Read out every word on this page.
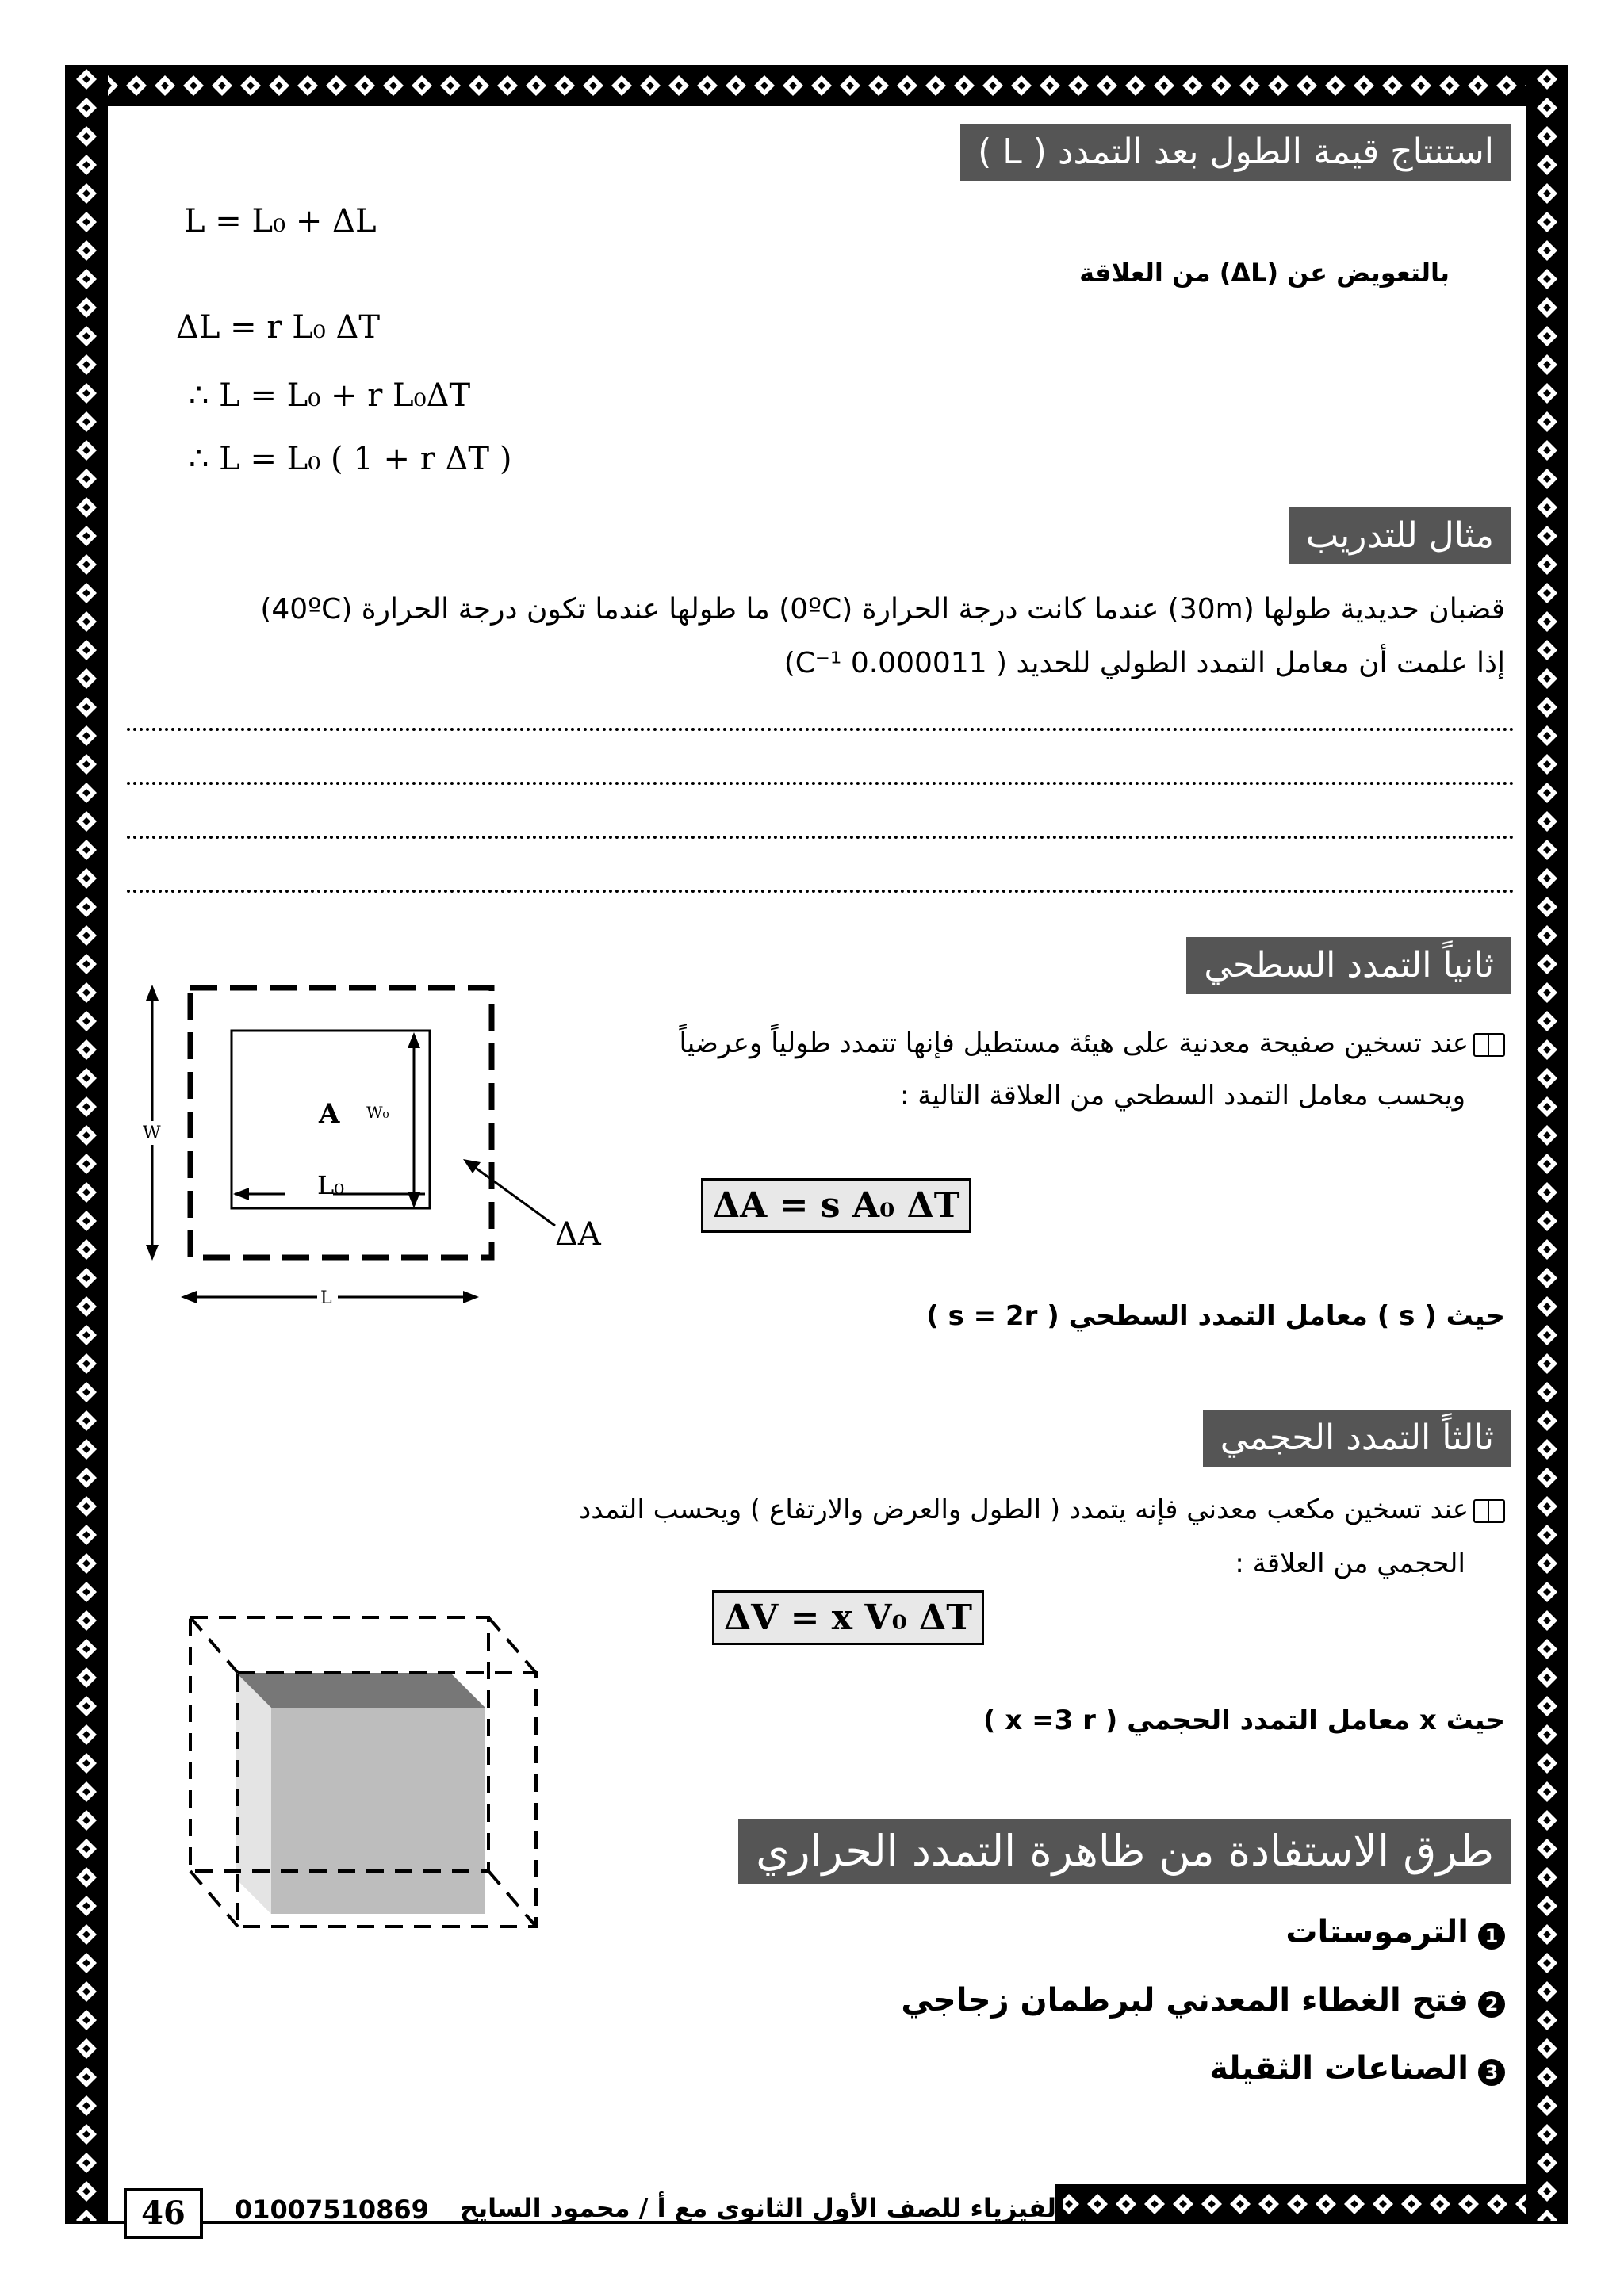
استنتاج قيمة الطول بعد التمدد ( L )
L = L₀ + ΔL
بالتعويض عن (ΔL) من العلاقة
ΔL = r L₀ ΔT
∴ L = L₀ + r L₀ΔT
∴ L = L₀ ( 1 + r ΔT )
مثال للتدريب
قضبان حديدية طولها (30m) عندما كانت درجة الحرارة (0ºC) ما طولها عندما تكون درجة الحرارة (40ºC)
إذا علمت أن معامل التمدد الطولي للحديد ( 0.000011 C⁻¹)
ثانياً التمدد السطحي
عند تسخين صفيحة معدنية على هيئة مستطيل فإنها تتمدد طولياً وعرضياً
ويحسب معامل التمدد السطحي من العلاقة التالية :
ΔA = s A₀ ΔT
حيث ( s ) معامل التمدد السطحي ( s = 2r )
A W₀
L₀
W
L
ΔA
ثالثاً التمدد الحجمي
عند تسخين مكعب معدني فإنه يتمدد ( الطول والعرض والارتفاع ) ويحسب التمدد
الحجمي من العلاقة :
ΔV = x V₀ ΔT
حيث x معامل التمدد الحجمي ( x =3 r )
طرق الاستفادة من ظاهرة التمدد الحراري
1الترموستات
2فتح الغطاء المعدني لبرطمان زجاجي
3الصناعات الثقيلة
46	الفيزياء للصف الأول الثانوي مع أ / محمود السايح
01007510869
